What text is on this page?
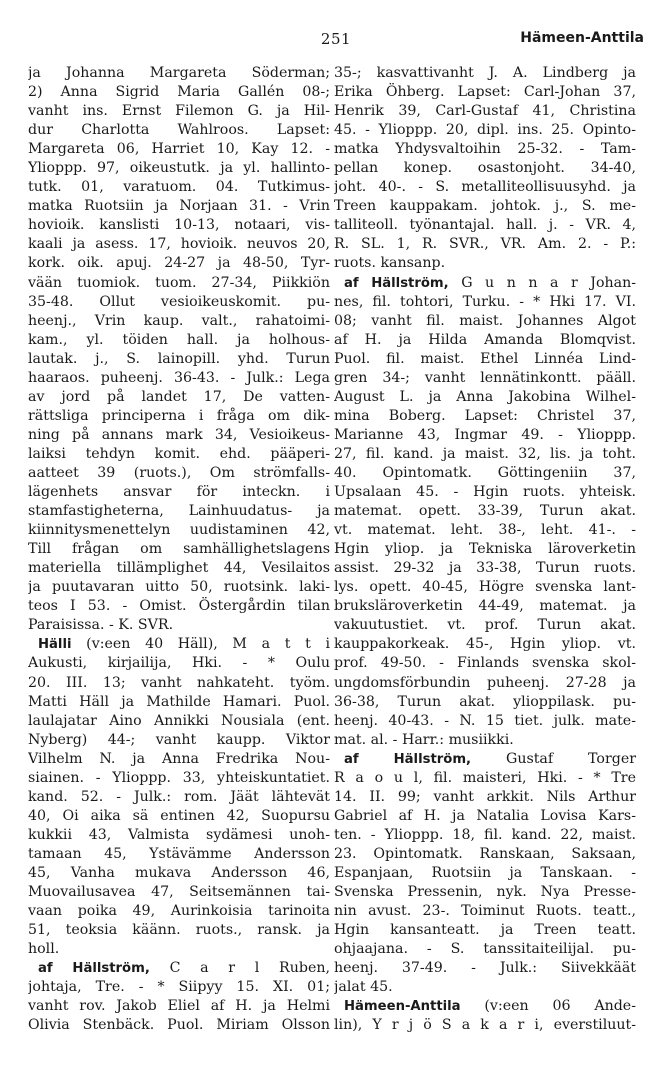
251	Hämeen-Anttila
ja Johanna Margareta Söderman;
2) Anna Sigrid Maria Gallén 08-;
vanht ins. Ernst Filemon G. ja Hil-
dur Charlotta Wahlroos. Lapset:
Margareta 06, Harriet 10, Kay 12. -
Ylioppp. 97, oikeustutk. ja yl. hallinto-
tutk. 01, varatuom. 04. Tutkimus-
matka Ruotsiin ja Norjaan 31. - Vrin
hovioik. kanslisti 10-13, notaari, vis-
kaali ja asess. 17, hovioik. neuvos 20,
kork. oik. apuj. 24-27 ja 48-50, Tyr-
vään tuomiok. tuom. 27-34, Piikkiön
35-48. Ollut vesioikeuskomit. pu-
heenj., Vrin kaup. valt., rahatoimi-
kam., yl. töiden hall. ja holhous-
lautak. j., S. lainopill. yhd. Turun
haaraos. puheenj. 36-43. - Julk.: Lega
av jord på landet 17, De vatten-
rättsliga principerna i fråga om dik-
ning på annans mark 34, Vesioikeus-
laiksi tehdyn komit. ehd. pääperi-
aatteet 39 (ruots.), Om strömfalls-
lägenhets ansvar för inteckn. i
stamfastigheterna, Lainhuudatus- ja
kiinnitysmenettelyn uudistaminen 42,
Till frågan om samhällighetslagens
materiella tillämplighet 44, Vesilaitos
ja puutavaran uitto 50, ruotsink. laki-
teos I 53. - Omist. Östergårdin tilan
Paraisissa. - K. SVR.
Hälli (v:een 40 Häll), M a t t i
Aukusti, kirjailija, Hki. - * Oulu
20. III. 13; vanht nahkateht. työm.
Matti Häll ja Mathilde Hamari. Puol.
laulajatar Aino Annikki Nousiala (ent.
Nyberg) 44-; vanht kaupp. Viktor
Vilhelm N. ja Anna Fredrika Nou-
siainen. - Ylioppp. 33, yhteiskuntatiet.
kand. 52. - Julk.: rom. Jäät lähtevät
40, Oi aika sä entinen 42, Suopursu
kukkii 43, Valmista sydämesi unoh-
tamaan 45, Ystävämme Andersson
45, Vanha mukava Andersson 46,
Muovailusavea 47, Seitsemännen tai-
vaan poika 49, Aurinkoisia tarinoita
51, teoksia käänn. ruots., ransk. ja
holl.
af Hällström, C a r l Ruben,
johtaja, Tre. - * Siipyy 15. XI. 01;
vanht rov. Jakob Eliel af H. ja Helmi
Olivia Stenbäck. Puol. Miriam Olsson
35-; kasvattivanht J. A. Lindberg ja
Erika Öhberg. Lapset: Carl-Johan 37,
Henrik 39, Carl-Gustaf 41, Christina
45. - Ylioppp. 20, dipl. ins. 25. Opinto-
matka Yhdysvaltoihin 25-32. - Tam-
pellan konep. osastonjoht. 34-40,
joht. 40-. - S. metalliteollisuusyhd. ja
Treen kauppakam. johtok. j., S. me-
talliteoll. työnantajal. hall. j. - VR. 4,
R. SL. 1, R. SVR., VR. Am. 2. - P.:
ruots. kansanp.
af Hällström, G u n n a r Johan-
nes, fil. tohtori, Turku. - * Hki 17. VI.
08; vanht fil. maist. Johannes Algot
af H. ja Hilda Amanda Blomqvist.
Puol. fil. maist. Ethel Linnéa Lind-
gren 34-; vanht lennätinkontt. pääll.
August L. ja Anna Jakobina Wilhel-
mina Boberg. Lapset: Christel 37,
Marianne 43, Ingmar 49. - Ylioppp.
27, fil. kand. ja maist. 32, lis. ja toht.
40. Opintomatk. Göttingeniin 37,
Upsalaan 45. - Hgin ruots. yhteisk.
matemat. opett. 33-39, Turun akat.
vt. matemat. leht. 38-, leht. 41-. -
Hgin yliop. ja Tekniska läroverketin
assist. 29-32 ja 33-38, Turun ruots.
lys. opett. 40-45, Högre svenska lant-
bruksläroverketin 44-49, matemat. ja
vakuutustiet. vt. prof. Turun akat.
kauppakorkeak. 45-, Hgin yliop. vt.
prof. 49-50. - Finlands svenska skol-
ungdomsförbundin puheenj. 27-28 ja
36-38, Turun akat. ylioppilask. pu-
heenj. 40-43. - N. 15 tiet. julk. mate-
mat. al. - Harr.: musiikki.
af Hällström, Gustaf Torger
R a o u l, fil. maisteri, Hki. - * Tre
14. II. 99; vanht arkkit. Nils Arthur
Gabriel af H. ja Natalia Lovisa Kars-
ten. - Ylioppp. 18, fil. kand. 22, maist.
23. Opintomatk. Ranskaan, Saksaan,
Espanjaan, Ruotsiin ja Tanskaan. -
Svenska Pressenin, nyk. Nya Presse-
nin avust. 23-. Toiminut Ruots. teatt.,
Hgin kansanteatt. ja Treen teatt.
ohjaajana. - S. tanssitaiteilijal. pu-
heenj. 37-49. - Julk.: Siivekkäät
jalat 45.
Hämeen-Anttila (v:een 06 Ande-
lin), Y r j ö S a k a r i, everstiluut-
